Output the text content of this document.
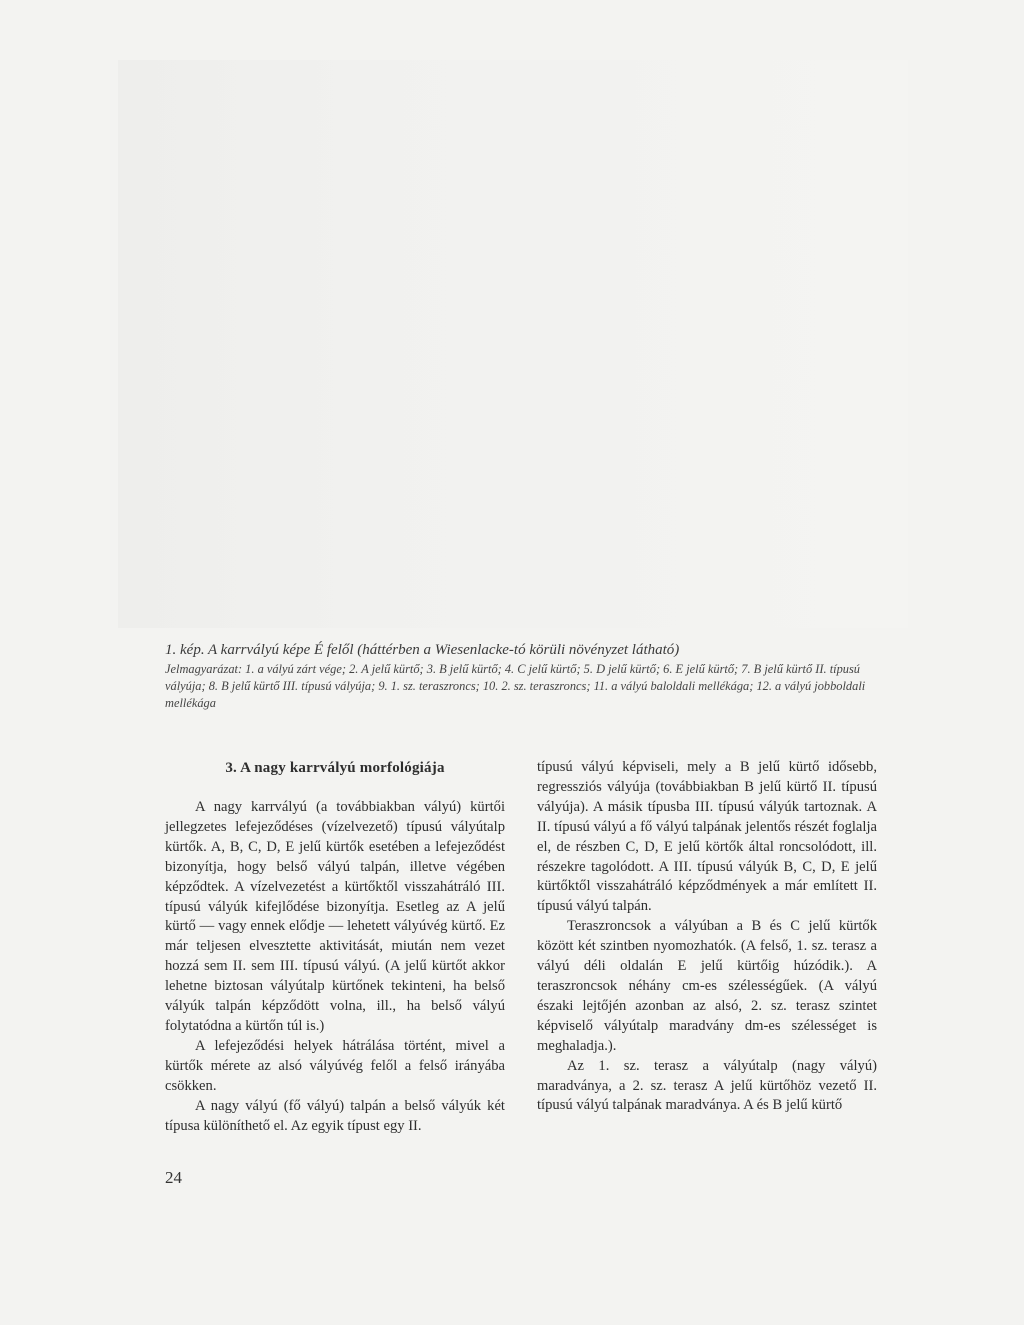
1. kép. A karrvályú képe É felől (háttérben a Wiesenlacke-tó körüli növényzet látható)
Jelmagyarázat: 1. a vályú zárt vége; 2. A jelű kürtő; 3. B jelű kürtő; 4. C jelű kürtő; 5. D jelű kürtő; 6. E jelű kürtő; 7. B jelű kürtő II. típusú vályúja; 8. B jelű kürtő III. típusú vályúja; 9. 1. sz. teraszroncs; 10. 2. sz. teraszroncs; 11. a vályú baloldali mellékága; 12. a vályú jobboldali mellékága
3. A nagy karrvályú morfológiája

A nagy karrvályú (a továbbiakban vályú) kürtői jellegzetes lefejeződéses (vízelvezető) típusú vályútalp kürtők. A, B, C, D, E jelű kürtők esetében a lefejeződést bizonyítja, hogy belső vályú talpán, illetve végében képződtek. A vízelvezetést a kürtőktől visszahátráló III. típusú vályúk kifejlődése bizonyítja. Esetleg az A jelű kürtő — vagy ennek elődje — lehetett vályúvég kürtő. Ez már teljesen elvesztette aktivitását, miután nem vezet hozzá sem II. sem III. típusú vályú. (A jelű kürtőt akkor lehetne biztosan vályútalp kürtőnek tekinteni, ha belső vályúk talpán képződött volna, ill., ha belső vályú folytatódna a kürtőn túl is.)

A lefejeződési helyek hátrálása történt, mivel a kürtők mérete az alsó vályúvég felől a felső irányába csökken.

A nagy vályú (fő vályú) talpán a belső vályúk két típusa különíthető el. Az egyik típust egy II.

típusú vályú képviseli, mely a B jelű kürtő idősebb, regressziós vályúja (továbbiakban B jelű kürtő II. típusú vályúja). A másik típusba III. típusú vályúk tartoznak. A II. típusú vályú a fő vályú talpának jelentős részét foglalja el, de részben C, D, E jelű körtők által roncsolódott, ill. részekre tagolódott. A III. típusú vályúk B, C, D, E jelű kürtőktől visszahátráló képződmények a már említett II. típusú vályú talpán.

Teraszroncsok a vályúban a B és C jelű kürtők között két szintben nyomozhatók. (A felső, 1. sz. terasz a vályú déli oldalán E jelű kürtőig húzódik.). A teraszroncsok néhány cm-es szélességűek. (A vályú északi lejtőjén azonban az alsó, 2. sz. terasz szintet képviselő vályútalp maradvány dm-es szélességet is meghaladja.).

Az 1. sz. terasz a vályútalp (nagy vályú) maradványa, a 2. sz. terasz A jelű kürtőhöz vezető II. típusú vályú talpának maradványa. A és B jelű kürtő

24
